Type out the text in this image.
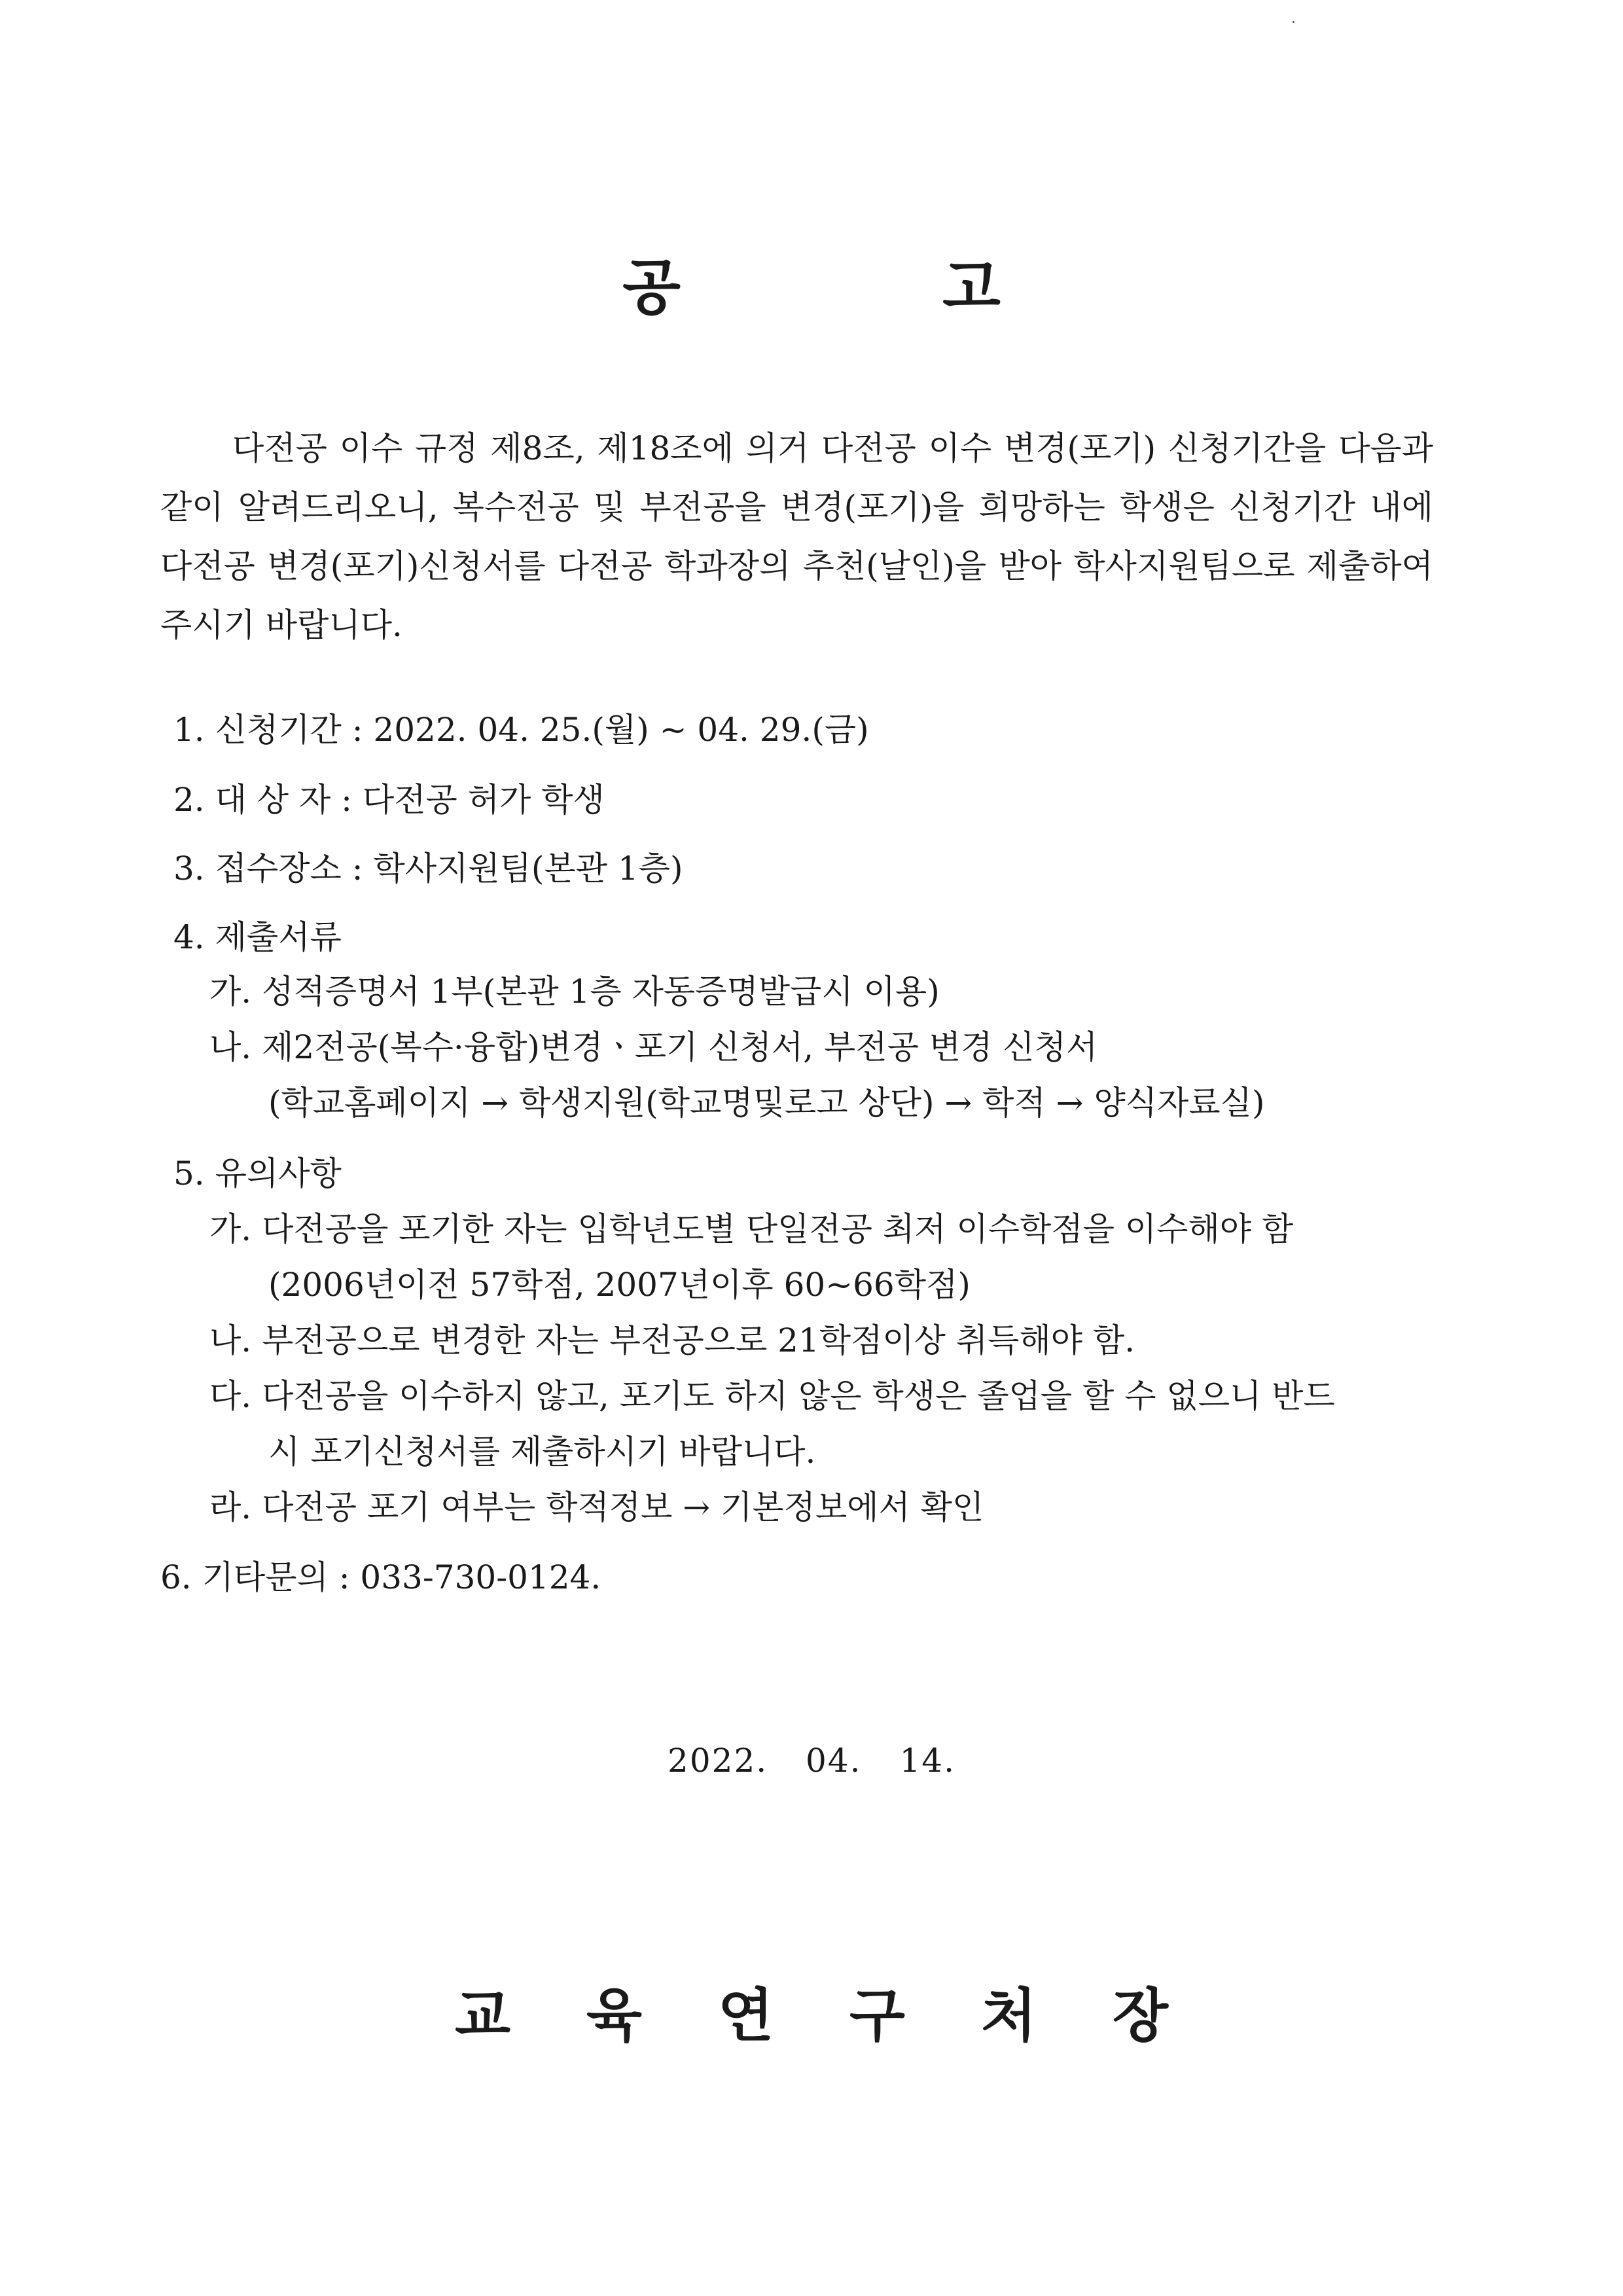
공	고

다전공 이수 규정 제8조, 제18조에 의거 다전공 이수 변경(포기) 신청기간을 다음과 같이 알려드리오니, 복수전공 및 부전공을 변경(포기)을 희망하는 학생은 신청기간 내에 다전공 변경(포기)신청서를 다전공 학과장의 추천(날인)을 받아 학사지원팀으로 제출하여 주시기 바랍니다.

1. 신청기간 : 2022. 04. 25.(월) ~ 04. 29.(금)

2. 대 상 자 : 다전공 허가 학생

3. 접수장소 : 학사지원팀(본관 1층)

4. 제출서류

가. 성적증명서 1부(본관 1층 자동증명발급시 이용)

나. 제2전공(복수·융합)변경ㆍ포기 신청서, 부전공 변경 신청서

(학교홈페이지 → 학생지원(학교명및로고 상단) → 학적 → 양식자료실)

5. 유의사항

가. 다전공을 포기한 자는 입학년도별 단일전공 최저 이수학점을 이수해야 함

(2006년이전 57학점, 2007년이후 60~66학점)

나. 부전공으로 변경한 자는 부전공으로 21학점이상 취득해야 함.

다. 다전공을 이수하지 않고, 포기도 하지 않은 학생은 졸업을 할 수 없으니 반드

시 포기신청서를 제출하시기 바랍니다.

라. 다전공 포기 여부는 학적정보 → 기본정보에서 확인

6. 기타문의 : 033-730-0124.

2022. 04. 14.
교 육 연 구 처 장
